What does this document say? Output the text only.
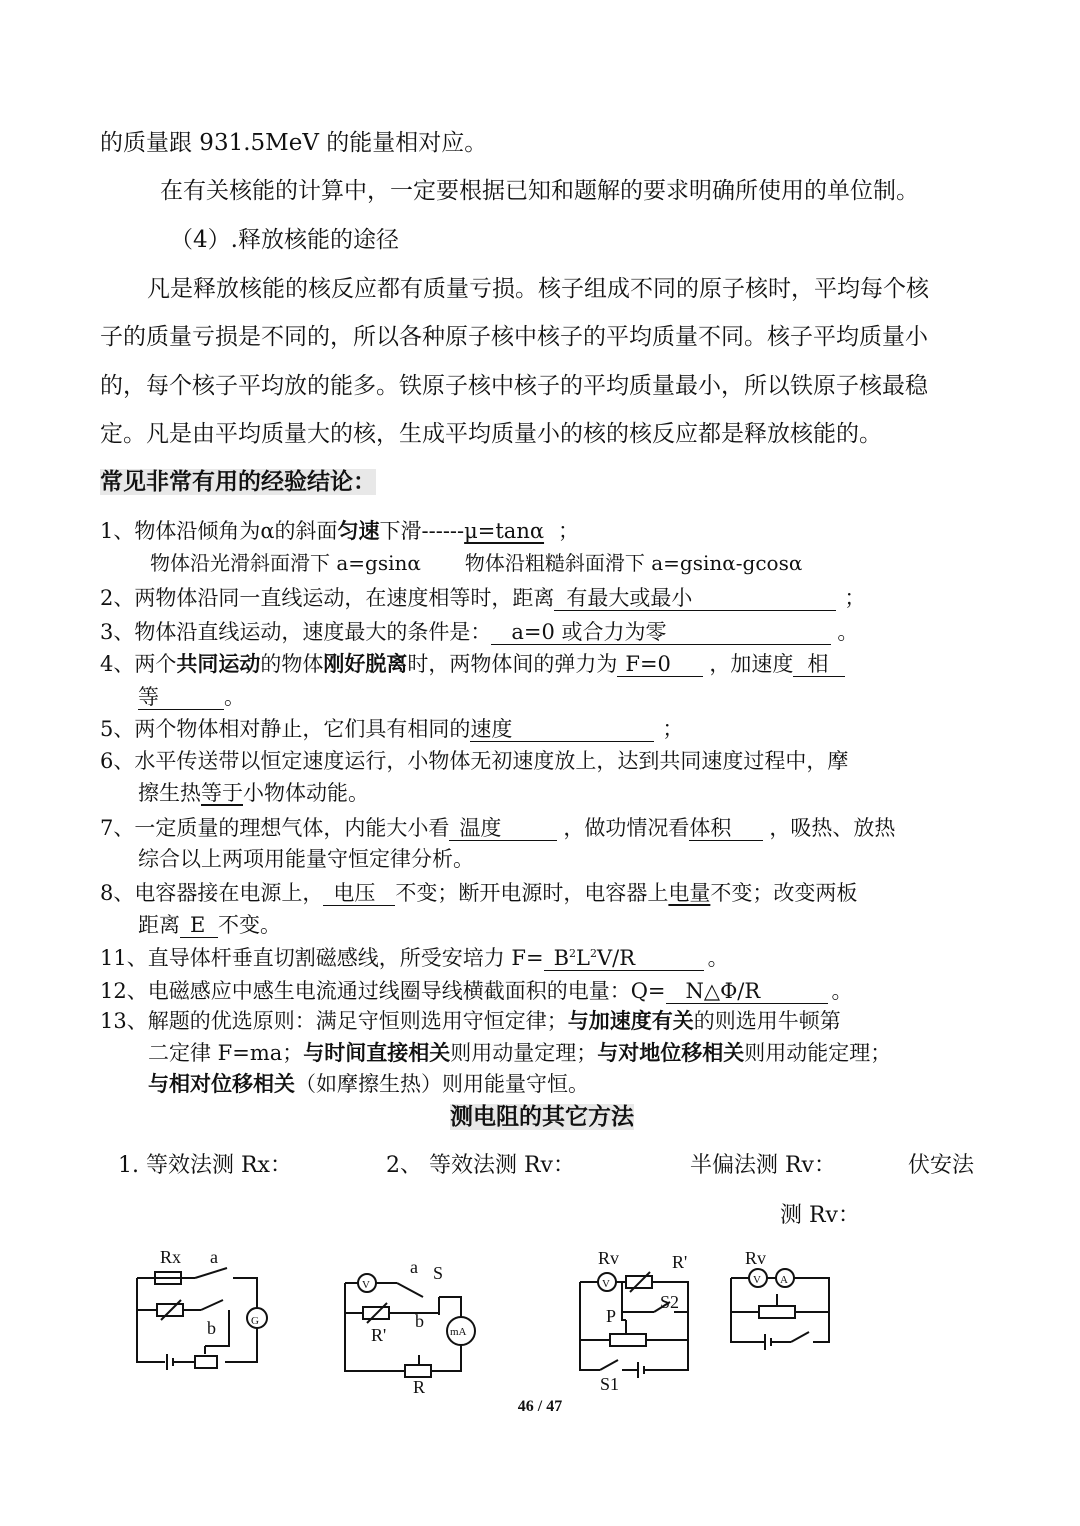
的质量跟 931.5MeV 的能量相对应。
在有关核能的计算中，一定要根据已知和题解的要求明确所使用的单位制。
（4）.释放核能的途径
凡是释放核能的核反应都有质量亏损。核子组成不同的原子核时，平均每个核
子的质量亏损是不同的，所以各种原子核中核子的平均质量不同。核子平均质量小
的，每个核子平均放的能多。铁原子核中核子的平均质量最小，所以铁原子核最稳
定。凡是由平均质量大的核，生成平均质量小的核的核反应都是释放核能的。
常见非常有用的经验结论：
1、物体沿倾角为α的斜面匀速下滑------μ=tanα ；
物体沿光滑斜面滑下 a=gsinα 物体沿粗糙斜面滑下 a=gsinα-gcosα
2、两物体沿同一直线运动，在速度相等时，距离 有最大或最小	；
3、物体沿直线运动，速度最大的条件是： a=0 或合力为零	。
4、两个共同运动的物体刚好脱离时，两物体间的弹力为 F=0 ，加速度 相
等	。
5、两个物体相对静止，它们具有相同的速度	；
6、水平传送带以恒定速度运行，小物体无初速度放上，达到共同速度过程中，摩
擦生热等于小物体动能。
7、一定质量的理想气体，内能大小看 温度	，做功情况看体积 ，吸热、放热
综合以上两项用能量守恒定律分析。
8、电容器接在电源上， 电压 不变；断开电源时，电容器上电量不变；改变两板
距离 E 不变。
11、直导体杆垂直切割磁感线，所受安培力 $F= B^2L^2V/R$	。
12、电磁感应中感生电流通过线圈导线横截面积的电量：Q= N△Φ/R	。
13、解题的优选原则：满足守恒则选用守恒定律；与加速度有关的则选用牛顿第
二定律 F=ma；与时间直接相关则用动量定理；与对地位移相关则用动能定理；
与相对位移相关（如摩擦生热）则用能量守恒。
测电阻的其它方法
1. 等效法测 Rx：	2、 等效法测 Rv：	半偏法测 Rv：	伏安法
测 Rv：
Rx a
G
b
V
a S
R'
b
mA
R
Rv
V
R'
S2
P
S1
Rv
V A
46 / 47
